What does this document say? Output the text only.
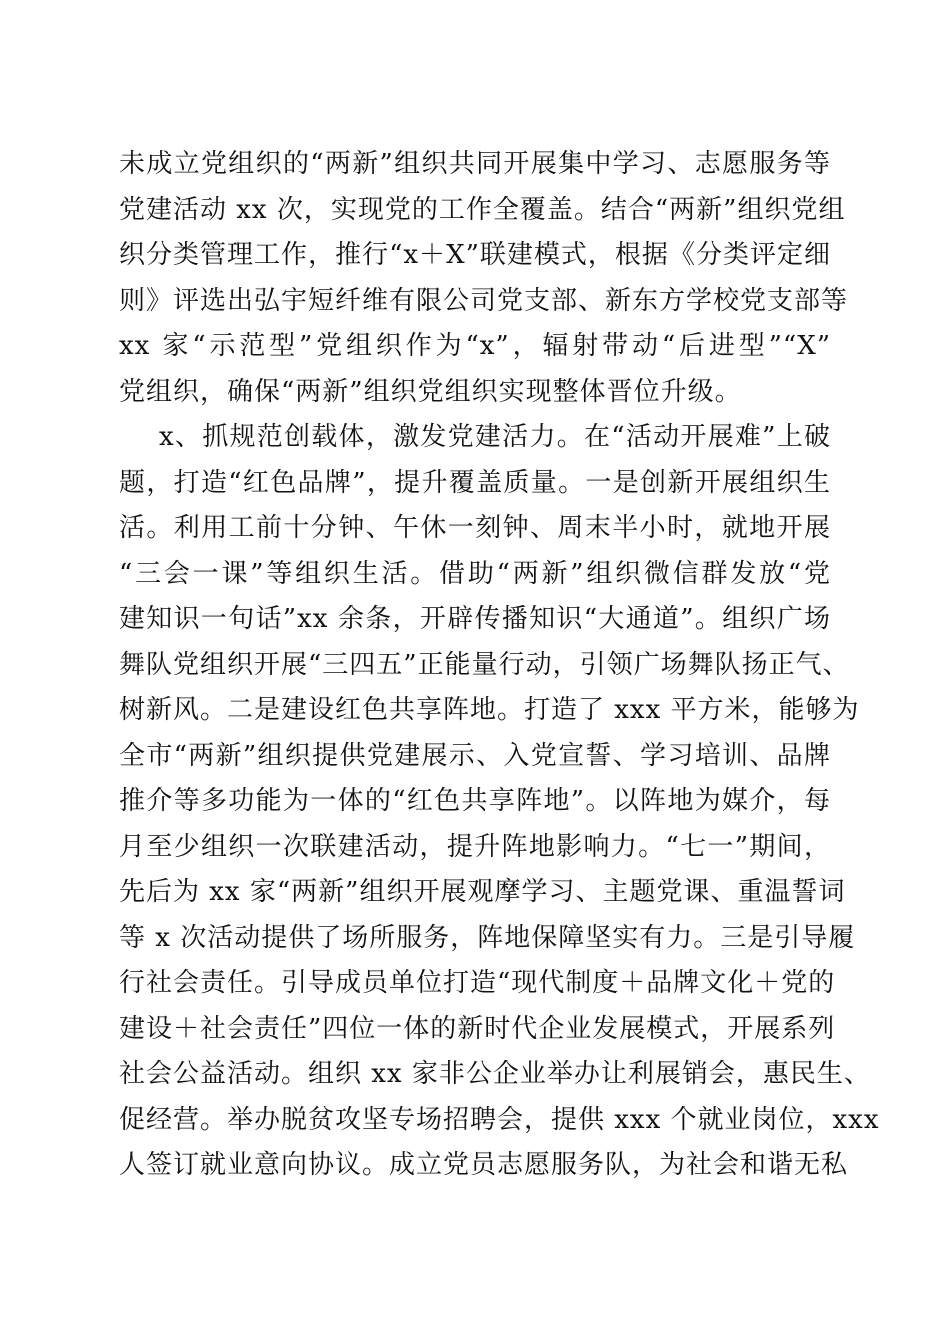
未成立党组织的“两新”组织共同开展集中学习、志愿服务等
党建活动 xx 次，实现党的工作全覆盖。结合“两新”组织党组
织分类管理工作，推行“x＋X”联建模式，根据《分类评定细
则》评选出弘宇短纤维有限公司党支部、新东方学校党支部等
xx 家“示范型”党组织作为“x”，辐射带动“后进型”“X”
党组织，确保“两新”组织党组织实现整体晋位升级。
x、抓规范创载体，激发党建活力。在“活动开展难”上破
题，打造“红色品牌”，提升覆盖质量。一是创新开展组织生
活。利用工前十分钟、午休一刻钟、周末半小时，就地开展
“三会一课”等组织生活。借助“两新”组织微信群发放“党
建知识一句话”xx 余条，开辟传播知识“大通道”。组织广场
舞队党组织开展“三四五”正能量行动，引领广场舞队扬正气、
树新风。二是建设红色共享阵地。打造了 xxx 平方米，能够为
全市“两新”组织提供党建展示、入党宣誓、学习培训、品牌
推介等多功能为一体的“红色共享阵地”。以阵地为媒介，每
月至少组织一次联建活动，提升阵地影响力。“七一”期间，
先后为 xx 家“两新”组织开展观摩学习、主题党课、重温誓词
等 x 次活动提供了场所服务，阵地保障坚实有力。三是引导履
行社会责任。引导成员单位打造“现代制度＋品牌文化＋党的
建设＋社会责任”四位一体的新时代企业发展模式，开展系列
社会公益活动。组织 xx 家非公企业举办让利展销会，惠民生、
促经营。举办脱贫攻坚专场招聘会，提供 xxx 个就业岗位，xxx
人签订就业意向协议。成立党员志愿服务队，为社会和谐无私
